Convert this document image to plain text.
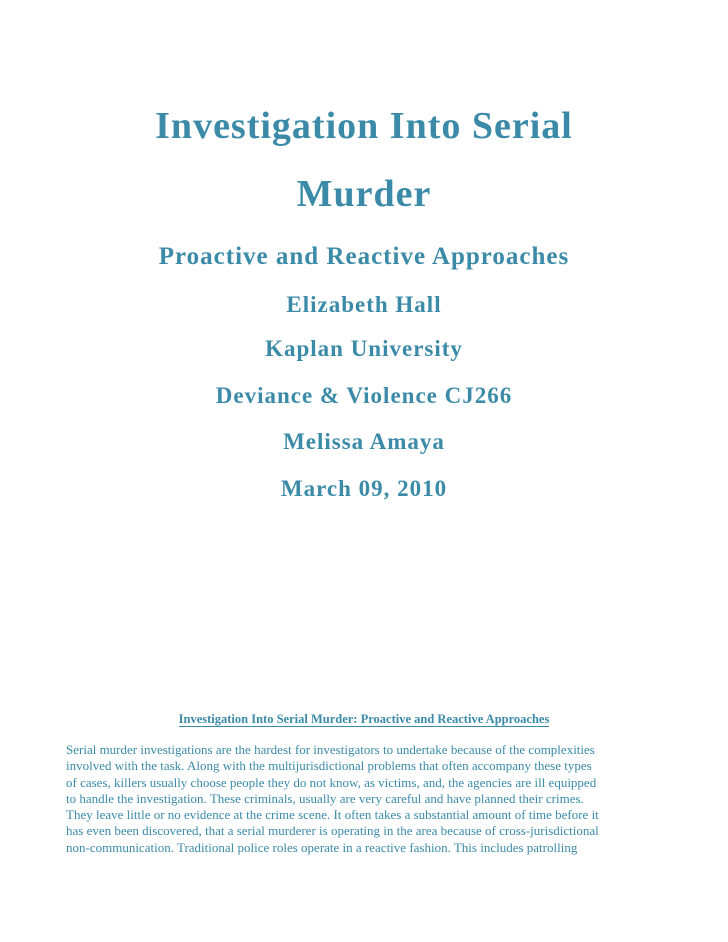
Investigation Into Serial
Murder
Proactive and Reactive Approaches
Elizabeth Hall
Kaplan University
Deviance & Violence CJ266
Melissa Amaya
March 09, 2010
Investigation Into Serial Murder: Proactive and Reactive Approaches
Serial murder investigations are the hardest for investigators to undertake because of the complexities
involved with the task. Along with the multijurisdictional problems that often accompany these types
of cases, killers usually choose people they do not know, as victims, and, the agencies are ill equipped
to handle the investigation. These criminals, usually are very careful and have planned their crimes.
They leave little or no evidence at the crime scene. It often takes a substantial amount of time before it
has even been discovered, that a serial murderer is operating in the area because of cross-jurisdictional
non-communication. Traditional police roles operate in a reactive fashion. This includes patrolling
